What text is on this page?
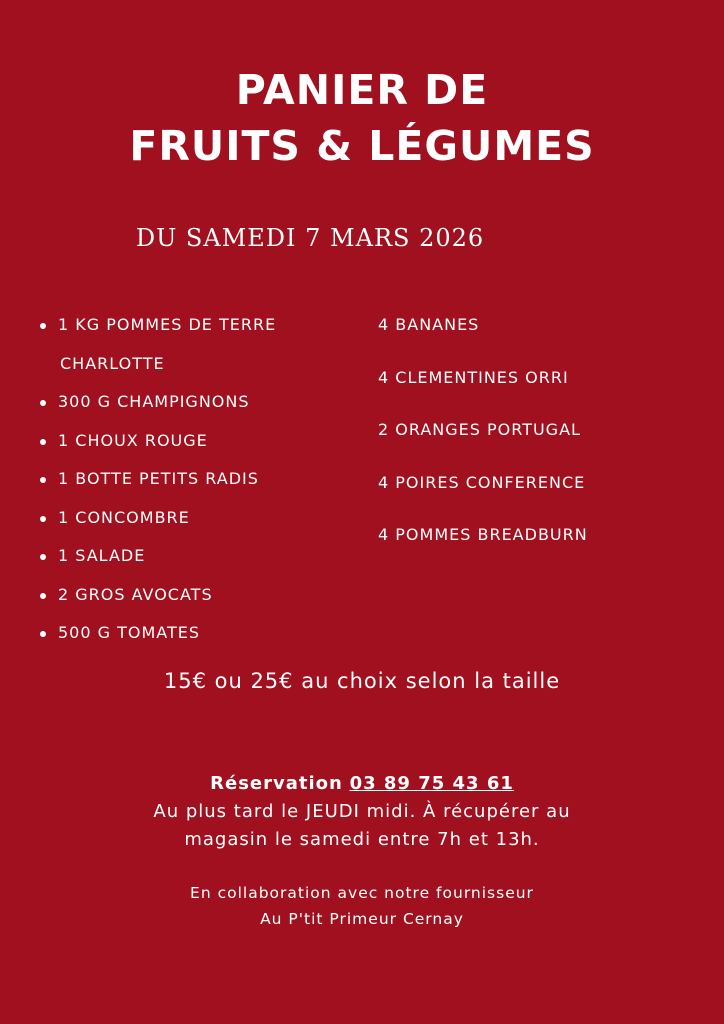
PANIER DE
FRUITS & LÉGUMES
DU SAMEDI 7 MARS 2026
1 KG POMMES DE TERRE
CHARLOTTE
300 G CHAMPIGNONS
1 CHOUX ROUGE
1 BOTTE PETITS RADIS
1 CONCOMBRE
1 SALADE
2 GROS AVOCATS
500 G TOMATES
4 BANANES
4 CLEMENTINES ORRI
2 ORANGES PORTUGAL
4 POIRES CONFERENCE
4 POMMES BREADBURN
15€ ou 25€ au choix selon la taille
Réservation 03 89 75 43 61
Au plus tard le JEUDI midi. À récupérer au
magasin le samedi entre 7h et 13h.
En collaboration avec notre fournisseur
Au P'tit Primeur Cernay
